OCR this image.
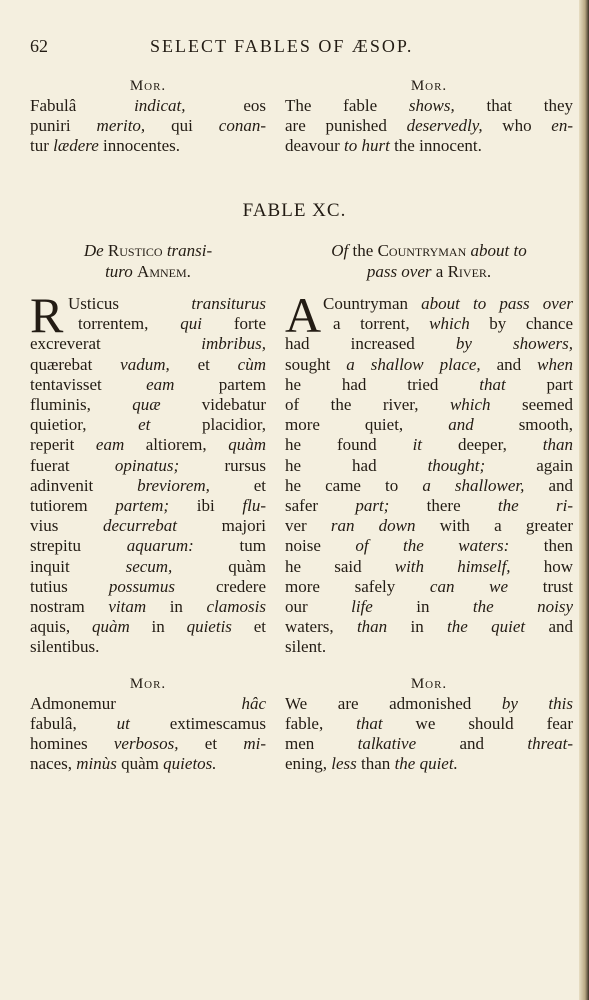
62	SELECT FABLES OF ÆSOP.
Mor.
Fabulâ indicat, eos
puniri merito, qui conan-
tur lædere innocentes.
Mor.
The fable shows, that they
are punished deservedly, who en-
deavour to hurt the innocent.
FABLE XC.
De Rustico transi-
turo Amnem.
R Usticus transiturus
torrentem, qui forte
excreverat imbribus,
quærebat vadum, et cùm
tentavisset eam partem
fluminis, quæ videbatur
quietior, et placidior,
reperit eam altiorem, quàm
fuerat opinatus; rursus
adinvenit breviorem, et
tutiorem partem; ibi flu-
vius decurrebat majori
strepitu aquarum: tum
inquit secum, quàm
tutius possumus credere
nostram vitam in clamosis
aquis, quàm in quietis et
silentibus.
Mor.
Admonemur hâc
fabulâ, ut extimescamus
homines verbosos, et mi-
naces, minùs quàm quietos.
Of the Countryman about to
pass over a River.
A Countryman about to pass over
a torrent, which by chance
had increased by showers,
sought a shallow place, and when
he had tried that part
of the river, which seemed
more quiet, and smooth,
he found it deeper, than
he had thought; again
he came to a shallower, and
safer part; there the ri-
ver ran down with a greater
noise of the waters: then
he said with himself, how
more safely can we trust
our life in the noisy
waters, than in the quiet and
silent.
Mor.
We are admonished by this
fable, that we should fear
men talkative and threat-
ening, less than the quiet.
